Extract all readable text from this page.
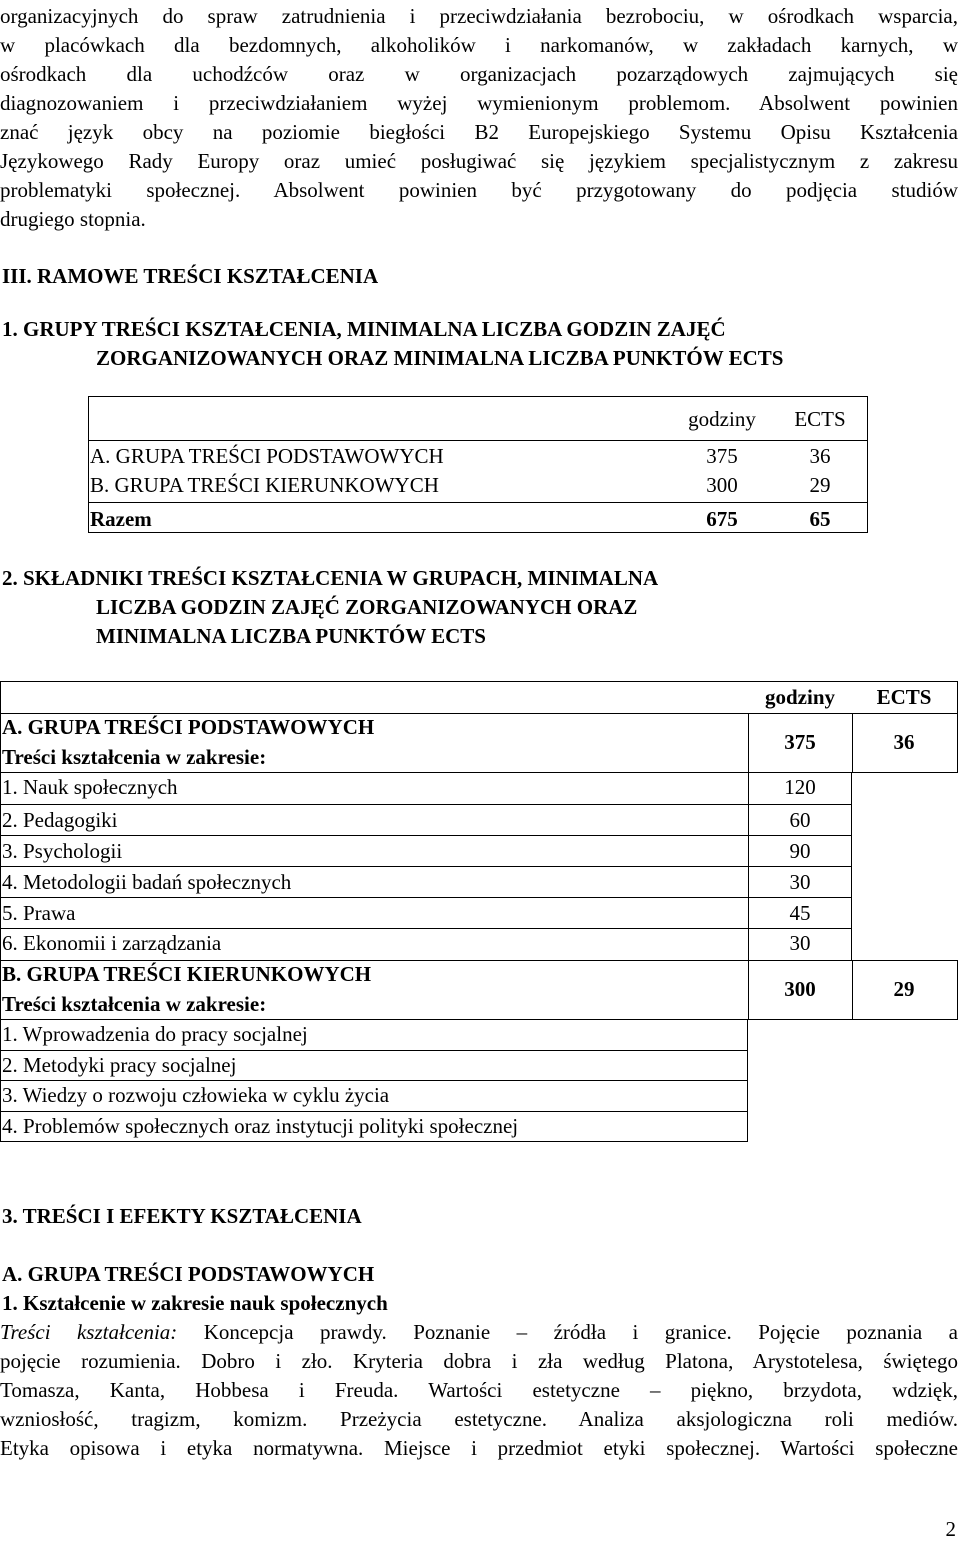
organizacyjnych do spraw zatrudnienia i przeciwdziałania bezrobociu, w ośrodkach wsparcia,
w placówkach dla bezdomnych, alkoholików i narkomanów, w zakładach karnych, w
ośrodkach dla uchodźców oraz w organizacjach pozarządowych zajmujących się
diagnozowaniem i przeciwdziałaniem wyżej wymienionym problemom. Absolwent powinien
znać język obcy na poziomie biegłości B2 Europejskiego Systemu Opisu Kształcenia
Językowego Rady Europy oraz umieć posługiwać się językiem specjalistycznym z zakresu
problematyki społecznej. Absolwent powinien być przygotowany do podjęcia studiów
drugiego stopnia.
III. RAMOWE TREŚCI KSZTAŁCENIA
1. GRUPY TREŚCI KSZTAŁCENIA, MINIMALNA LICZBA GODZIN ZAJĘĆ
ZORGANIZOWANYCH ORAZ MINIMALNA LICZBA PUNKTÓW ECTS
godziny	ECTS
A. GRUPA TREŚCI PODSTAWOWYCH	375	36
B. GRUPA TREŚCI KIERUNKOWYCH	300	29
Razem	675	65
2. SKŁADNIKI TREŚCI KSZTAŁCENIA W GRUPACH, MINIMALNA
LICZBA GODZIN ZAJĘĆ ZORGANIZOWANYCH ORAZ
MINIMALNA LICZBA PUNKTÓW ECTS
godziny	ECTS
A. GRUPA TREŚCI PODSTAWOWYCH
Treści kształcenia w zakresie:
375	36
1. Nauk społecznych	120
2. Pedagogiki	60
3. Psychologii	90
4. Metodologii badań społecznych	30
5. Prawa	45
6. Ekonomii i zarządzania	30
B. GRUPA TREŚCI KIERUNKOWYCH
Treści kształcenia w zakresie:
300	29
1. Wprowadzenia do pracy socjalnej
2. Metodyki pracy socjalnej
3. Wiedzy o rozwoju człowieka w cyklu życia
4. Problemów społecznych oraz instytucji polityki społecznej
3. TREŚCI I EFEKTY KSZTAŁCENIA
A. GRUPA TREŚCI PODSTAWOWYCH
1. Kształcenie w zakresie nauk społecznych
Treści kształcenia: Koncepcja prawdy. Poznanie – źródła i granice. Pojęcie poznania a
pojęcie rozumienia. Dobro i zło. Kryteria dobra i zła według Platona, Arystotelesa, świętego
Tomasza, Kanta, Hobbesa i Freuda. Wartości estetyczne – piękno, brzydota, wdzięk,
wzniosłość, tragizm, komizm. Przeżycia estetyczne. Analiza aksjologiczna roli mediów.
Etyka opisowa i etyka normatywna. Miejsce i przedmiot etyki społecznej. Wartości społeczne
2
